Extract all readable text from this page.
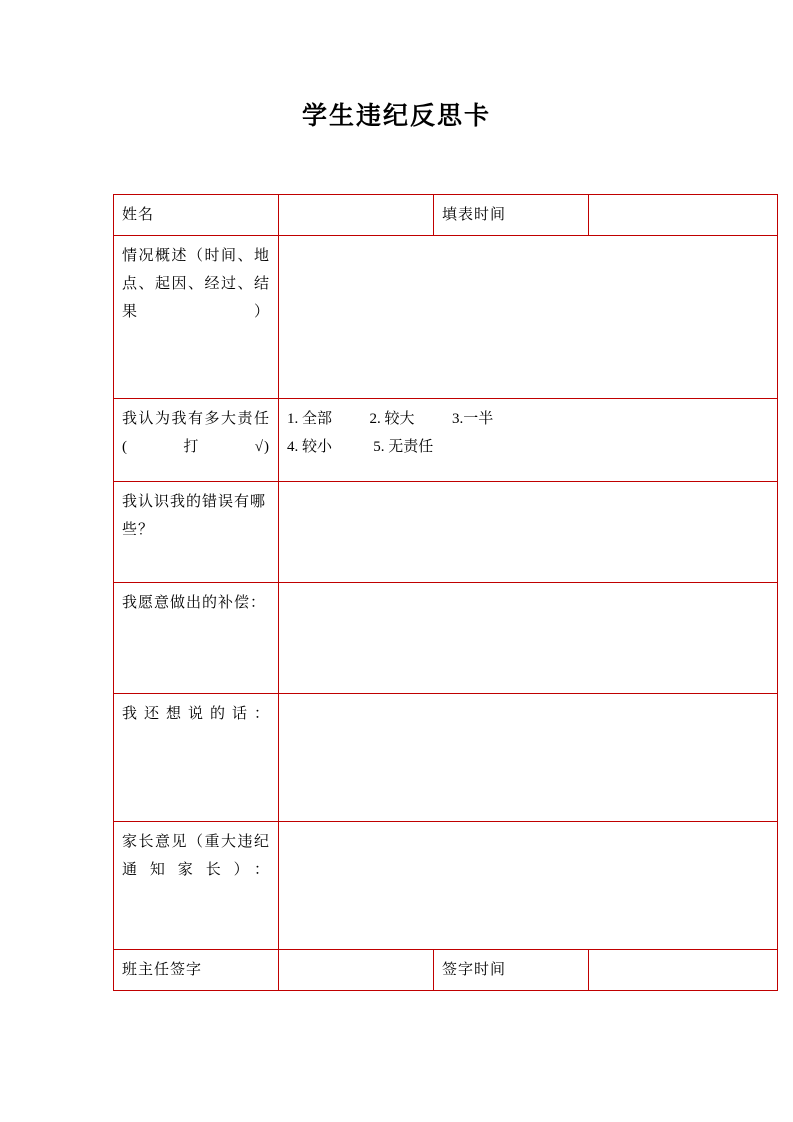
学生违纪反思卡
姓名		填表时间	
情况概述（时间、地点、起因、经过、结果）			
我认为我有多大责任(打√)	1. 全部          2. 较大          3.一半
4. 较小           5. 无责任		

我认识我的错误有哪些？			
我愿意做出的补偿：			
我还想说的话：			
家长意见（重大违纪通知家长）：			
班主任签字		签字时间	
